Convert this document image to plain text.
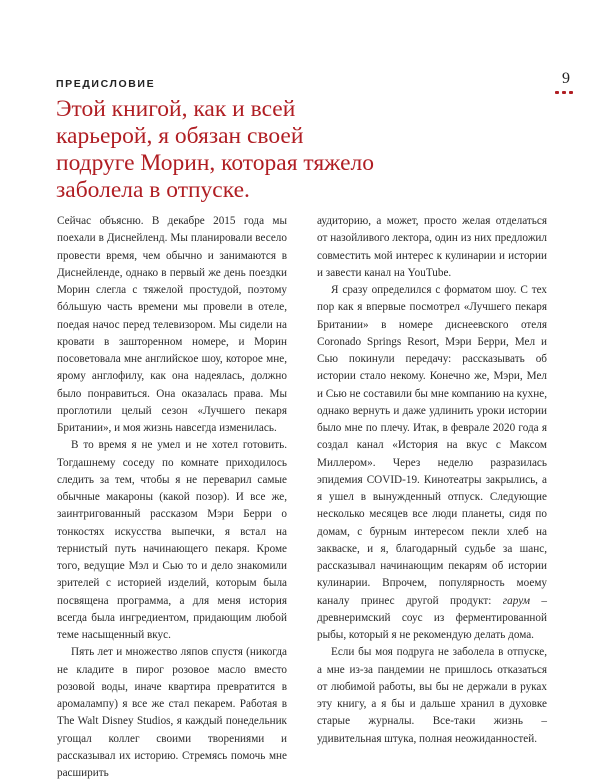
ПРЕДИСЛОВИЕ	9
Этой книгой, как и всей карьерой, я обязан своей подруге Морин, которая тяжело заболела в отпуске.

Сейчас объясню. В декабре 2015 года мы поехали в Диснейленд. Мы планировали весело провести время, чем обычно и занимаются в Диснейленде, однако в первый же день поездки Морин слегла с тяжелой простудой, поэтому бóльшую часть времени мы провели в отеле, поедая начос перед телевизором. Мы сидели на кровати в зашторенном номере, и Морин посоветовала мне английское шоу, которое мне, ярому англофилу, как она надеялась, должно было понравиться. Она оказалась права. Мы проглотили целый сезон «Лучшего пекаря Британии», и моя жизнь навсегда изменилась.

В то время я не умел и не хотел готовить. Тогдашнему соседу по комнате приходилось следить за тем, чтобы я не переварил самые обычные макароны (какой позор). И все же, заинтригованный рассказом Мэри Берри о тонкостях искусства выпечки, я встал на тернистый путь начинающего пекаря. Кроме того, ведущие Мэл и Сью то и дело знакомили зрителей с историей изделий, которым была посвящена программа, а для меня история всегда была ингредиентом, придающим любой теме насыщенный вкус.

Пять лет и множество ляпов спустя (никогда не кладите в пирог розовое масло вместо розовой воды, иначе квартира превратится в аромалампу) я все же стал пекарем. Работая в The Walt Disney Studios, я каждый понедельник угощал коллег своими творениями и рассказывал их историю. Стремясь помочь мне расширить

аудиторию, а может, просто желая отделаться от назойливого лектора, один из них предложил совместить мой интерес к кулинарии и истории и завести канал на YouTube.

Я сразу определился с форматом шоу. С тех пор как я впервые посмотрел «Лучшего пекаря Британии» в номере диснеевского отеля Coronado Springs Resort, Мэри Берри, Мел и Сью покинули передачу: рассказывать об истории стало некому. Конечно же, Мэри, Мел и Сью не составили бы мне компанию на кухне, однако вернуть и даже удлинить уроки истории было мне по плечу. Итак, в феврале 2020 года я создал канал «История на вкус с Максом Миллером». Через неделю разразилась эпидемия COVID-19. Кинотеатры закрылись, а я ушел в вынужденный отпуск. Следующие несколько месяцев все люди планеты, сидя по домам, с бурным интересом пекли хлеб на закваске, и я, благодарный судьбе за шанс, рассказывал начинающим пекарям об истории кулинарии. Впрочем, популярность моему каналу принес другой продукт: гарум – древнеримский соус из ферментированной рыбы, который я не рекомендую делать дома.

Если бы моя подруга не заболела в отпуске, а мне из-за пандемии не пришлось отказаться от любимой работы, вы бы не держали в руках эту книгу, а я бы и дальше хранил в духовке старые журналы. Все-таки жизнь – удивительная штука, полная неожиданностей.
